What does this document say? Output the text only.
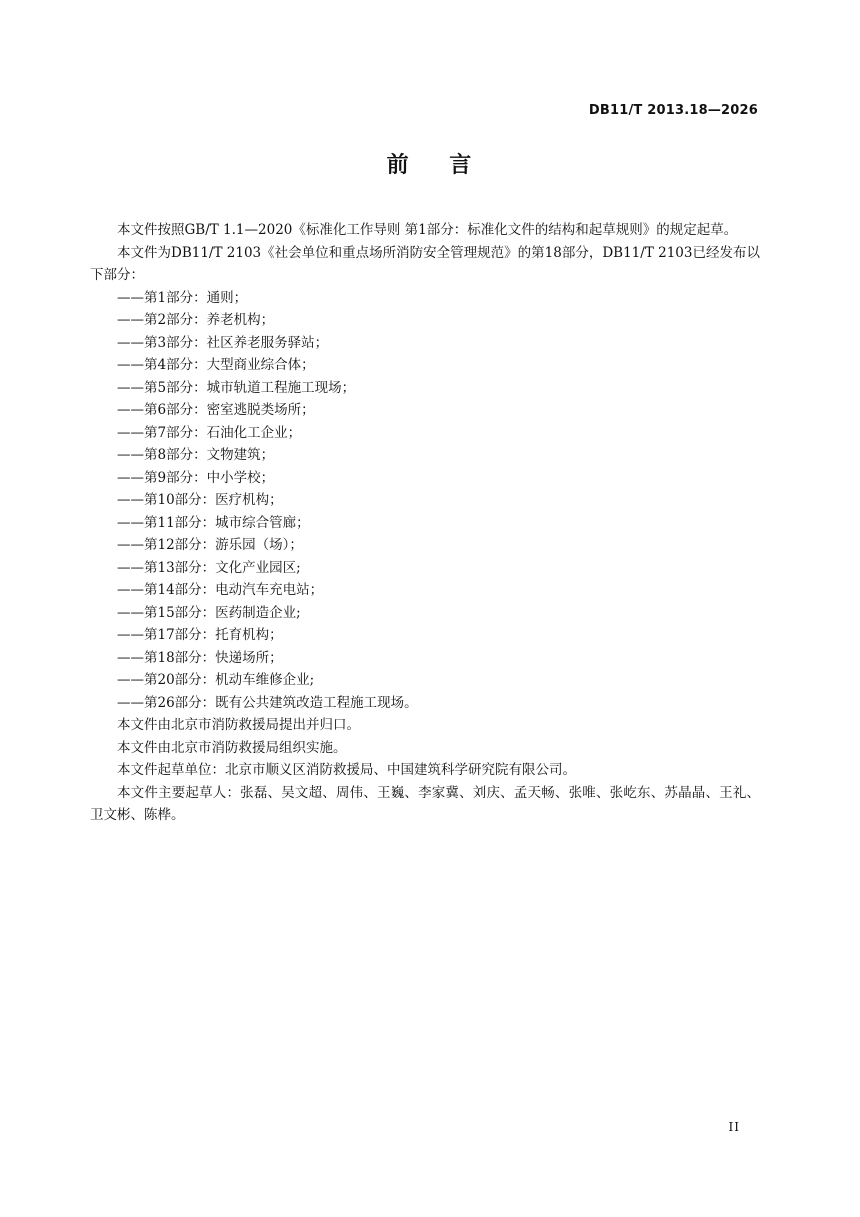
DB11/T 2013.18—2026
前    言

本文件按照GB/T 1.1—2020《标准化工作导则 第1部分：标准化文件的结构和起草规则》的规定起草。

本文件为DB11/T 2103《社会单位和重点场所消防安全管理规范》的第18部分，DB11/T 2103已经发布以下部分：

——第1部分：通则；

——第2部分：养老机构；

——第3部分：社区养老服务驿站；

——第4部分：大型商业综合体；

——第5部分：城市轨道工程施工现场；

——第6部分：密室逃脱类场所；

——第7部分：石油化工企业；

——第8部分：文物建筑；

——第9部分：中小学校；

——第10部分：医疗机构；

——第11部分：城市综合管廊；

——第12部分：游乐园（场）；

——第13部分：文化产业园区;

——第14部分：电动汽车充电站；

——第15部分：医药制造企业;

——第17部分：托育机构；

——第18部分：快递场所；

——第20部分：机动车维修企业;

——第26部分：既有公共建筑改造工程施工现场。

本文件由北京市消防救援局提出并归口。

本文件由北京市消防救援局组织实施。

本文件起草单位：北京市顺义区消防救援局、中国建筑科学研究院有限公司。

本文件主要起草人：张磊、吴文超、周伟、王巍、李家冀、刘庆、孟天畅、张唯、张屹东、苏晶晶、王礼、卫文彬、陈桦。

II
